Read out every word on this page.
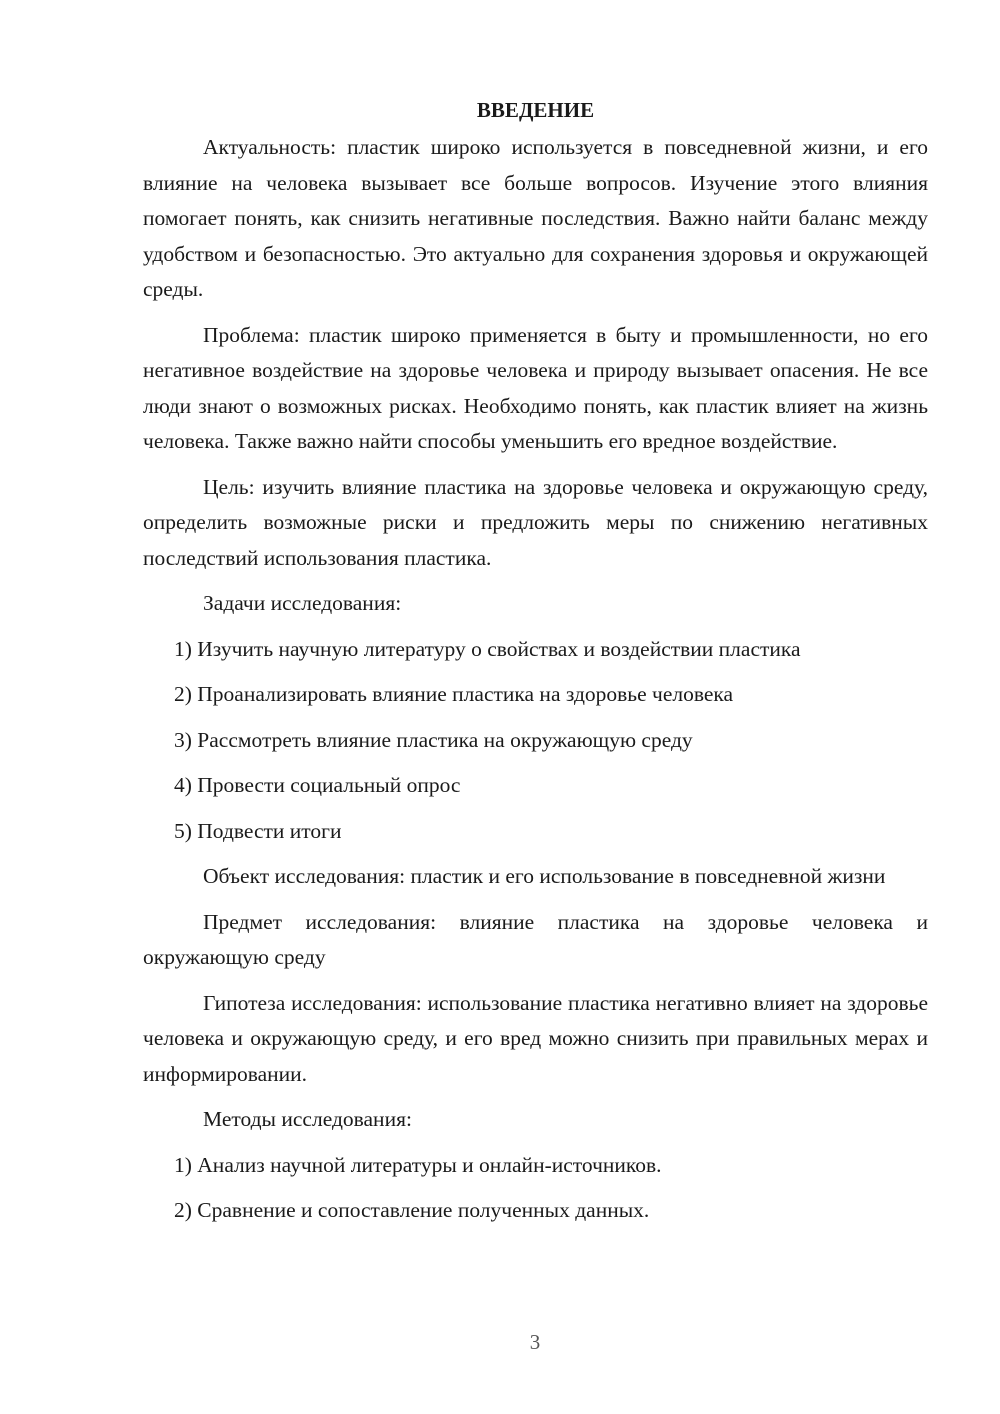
ВВЕДЕНИЕ

Актуальность: пластик широко используется в повседневной жизни, и его влияние на человека вызывает все больше вопросов. Изучение этого влияния помогает понять, как снизить негативные последствия. Важно найти баланс между удобством и безопасностью. Это актуально для сохранения здоровья и окружающей среды.

Проблема: пластик широко применяется в быту и промышленности, но его негативное воздействие на здоровье человека и природу вызывает опасения. Не все люди знают о возможных рисках. Необходимо понять, как пластик влияет на жизнь человека. Также важно найти способы уменьшить его вредное воздействие.

Цель: изучить влияние пластика на здоровье человека и окружающую среду, определить возможные риски и предложить меры по снижению негативных последствий использования пластика.

Задачи исследования:
1) Изучить научную литературу о свойствах и воздействии пластика
2) Проанализировать влияние пластика на здоровье человека
3) Рассмотреть влияние пластика на окружающую среду
4) Провести социальный опрос
5) Подвести итоги

Объект исследования: пластик и его использование в повседневной жизни

Предмет исследования: влияние пластика на здоровье человека и окружающую среду

Гипотеза исследования: использование пластика негативно влияет на здоровье человека и окружающую среду, и его вред можно снизить при правильных мерах и информировании.

Методы исследования:
1) Анализ научной литературы и онлайн-источников.
2) Сравнение и сопоставление полученных данных.
3
